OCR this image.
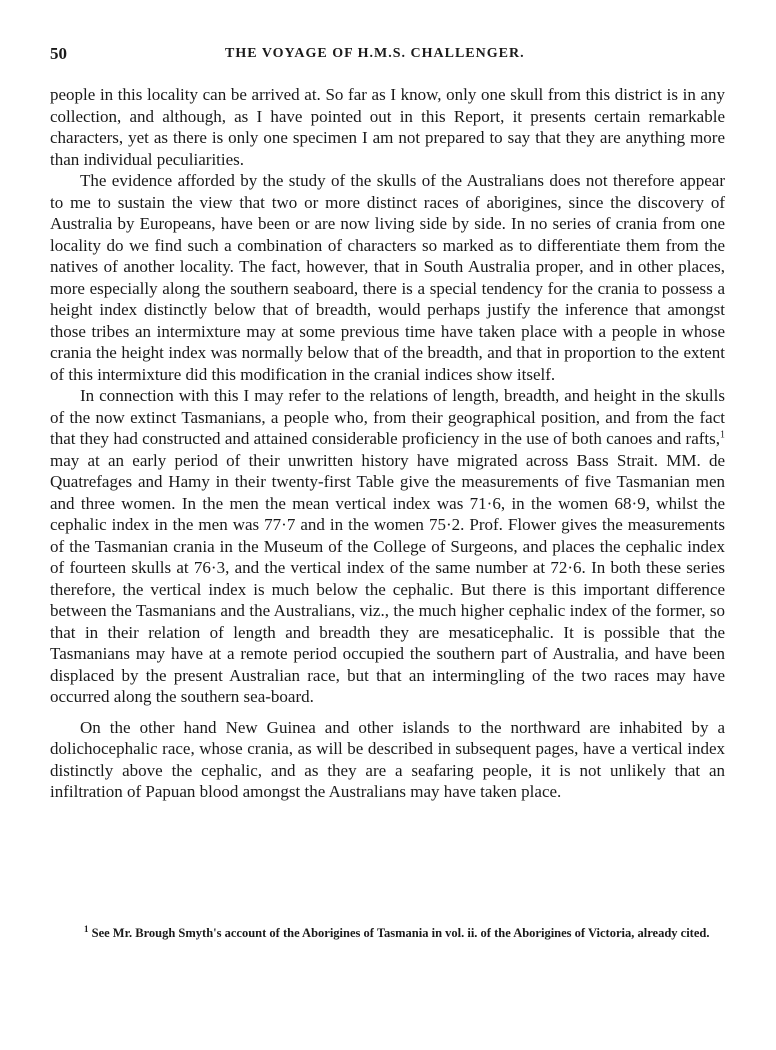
50	THE VOYAGE OF H.M.S. CHALLENGER.

people in this locality can be arrived at. So far as I know, only one skull from this district is in any collection, and although, as I have pointed out in this Report, it presents certain remarkable characters, yet as there is only one specimen I am not prepared to say that they are anything more than individual peculiarities.

The evidence afforded by the study of the skulls of the Australians does not therefore appear to me to sustain the view that two or more distinct races of aborigines, since the discovery of Australia by Europeans, have been or are now living side by side. In no series of crania from one locality do we find such a combination of characters so marked as to differentiate them from the natives of another locality. The fact, however, that in South Australia proper, and in other places, more especially along the southern seaboard, there is a special tendency for the crania to possess a height index distinctly below that of breadth, would perhaps justify the inference that amongst those tribes an intermixture may at some previous time have taken place with a people in whose crania the height index was normally below that of the breadth, and that in proportion to the extent of this intermixture did this modification in the cranial indices show itself.

In connection with this I may refer to the relations of length, breadth, and height in the skulls of the now extinct Tasmanians, a people who, from their geographical position, and from the fact that they had constructed and attained considerable proficiency in the use of both canoes and rafts,$^1$ may at an early period of their unwritten history have migrated across Bass Strait. MM. de Quatrefages and Hamy in their twenty-first Table give the measurements of five Tasmanian men and three women. In the men the mean vertical index was 71·6, in the women 68·9, whilst the cephalic index in the men was 77·7 and in the women 75·2. Prof. Flower gives the measurements of the Tasmanian crania in the Museum of the College of Surgeons, and places the cephalic index of fourteen skulls at 76·3, and the vertical index of the same number at 72·6. In both these series therefore, the vertical index is much below the cephalic. But there is this important difference between the Tasmanians and the Australians, viz., the much higher cephalic index of the former, so that in their relation of length and breadth they are mesaticephalic. It is possible that the Tasmanians may have at a remote period occupied the southern part of Australia, and have been displaced by the present Australian race, but that an intermingling of the two races may have occurred along the southern sea-board.

On the other hand New Guinea and other islands to the northward are inhabited by a dolichocephalic race, whose crania, as will be described in subsequent pages, have a vertical index distinctly above the cephalic, and as they are a seafaring people, it is not unlikely that an infiltration of Papuan blood amongst the Australians may have taken place.

$^1$ See Mr. Brough Smyth's account of the Aborigines of Tasmania in vol. ii. of the Aborigines of Victoria, already cited.
